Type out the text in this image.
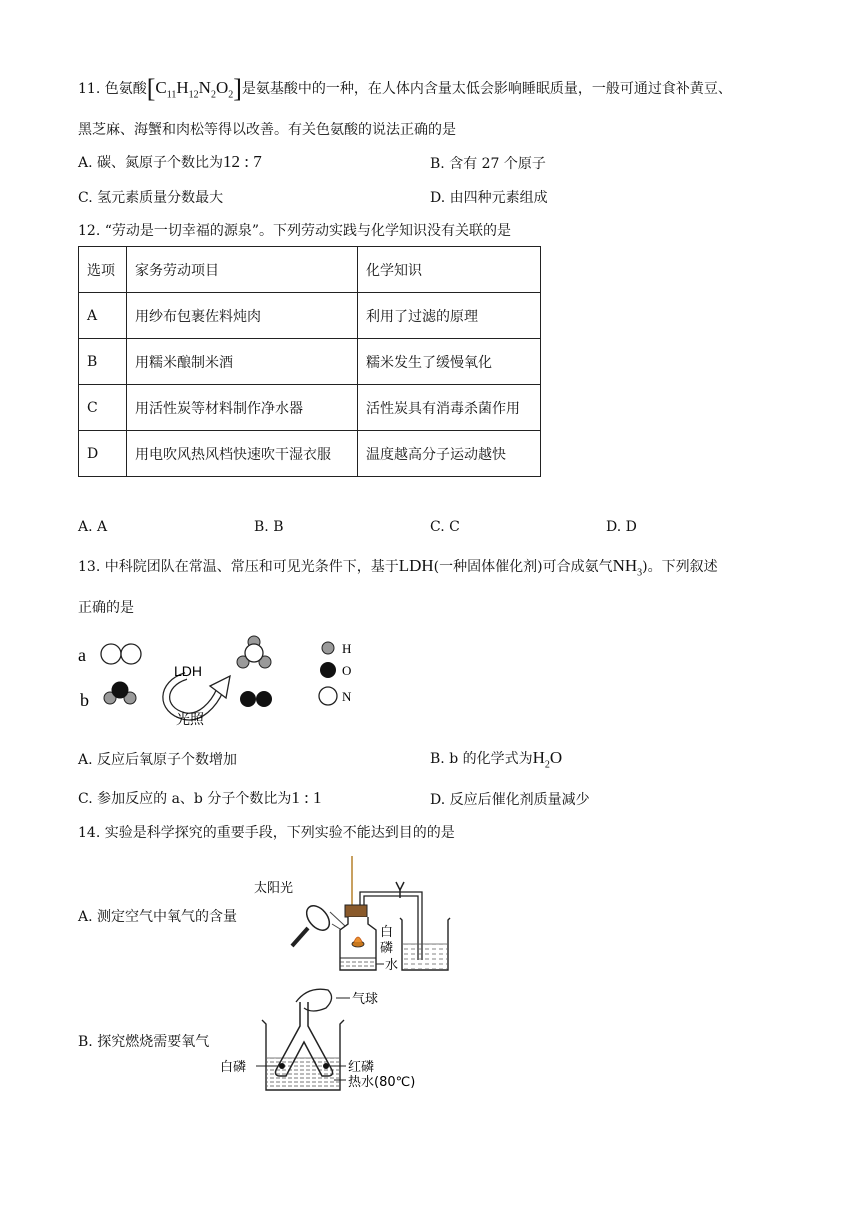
11. 色氨酸$[C_{11}H_{12}N_2O_2]$是氨基酸中的一种，在人体内含量太低会影响睡眠质量，一般可通过食补黄豆、
黑芝麻、海蟹和肉松等得以改善。有关色氨酸的说法正确的是
A. 碳、氮原子个数比为12 : 7	B. 含有 27 个原子
C. 氢元素质量分数最大	D. 由四种元素组成
12. “劳动是一切幸福的源泉”。下列劳动实践与化学知识没有关联的是
选项	家务劳动项目	化学知识
A	用纱布包裹佐料炖肉	利用了过滤的原理
B	用糯米酿制米酒	糯米发生了缓慢氧化
C	用活性炭等材料制作净水器	活性炭具有消毒杀菌作用
D	用电吹风热风档快速吹干湿衣服	温度越高分子运动越快
A. A	B. B	C. C	D. D
13. 中科院团队在常温、常压和可见光条件下，基于LDH(一种固体催化剂)可合成氨气$NH_3$)。下列叙述
正确的是
a
b
LDH
光照
H
O
N
A. 反应后氧原子个数增加	B. b 的化学式为$H_2O$
C. 参加反应的 a、b 分子个数比为1 : 1	D. 反应后催化剂质量减少
14. 实验是科学探究的重要手段，下列实验不能达到目的的是
A. 测定空气中氧气的含量
太阳光
白
磷
水
B. 探究燃烧需要氧气
气球
白磷	红磷
热水(80℃)
